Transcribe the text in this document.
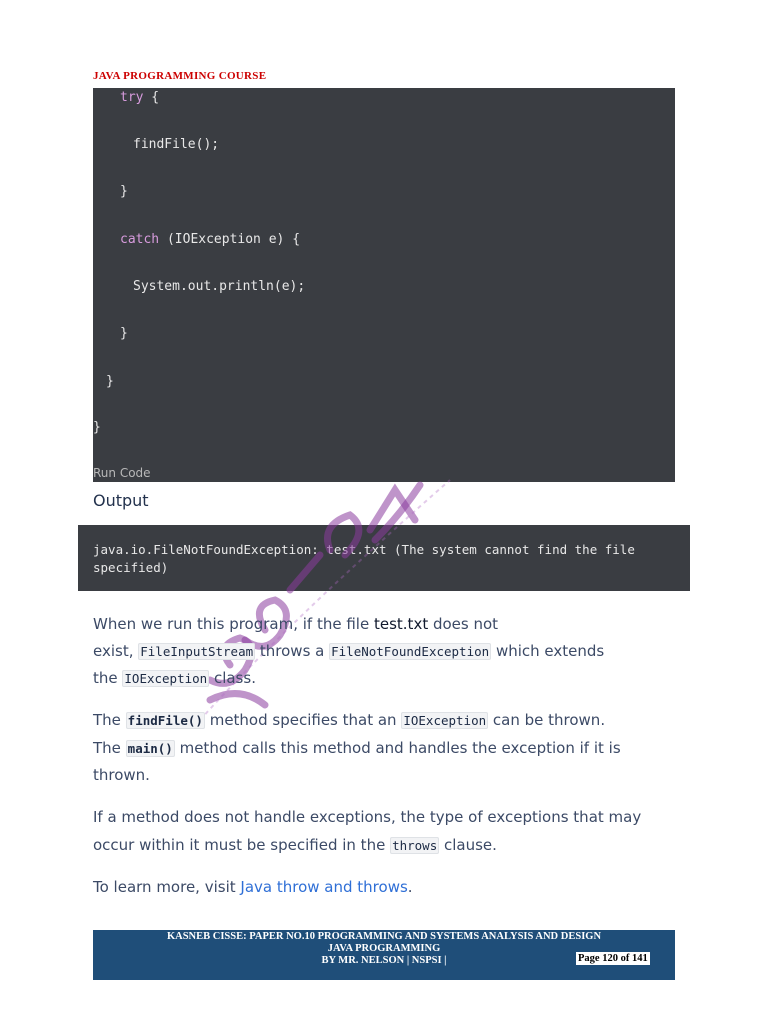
JAVA PROGRAMMING COURSE
try {
findFile();
}
catch (IOException e) {
System.out.println(e);
}
}
}
Run Code
Output
java.io.FileNotFoundException: test.txt (The system cannot find the file
specified)
When we run this program, if the file test.txt does not
exist, FileInputStream throws a FileNotFoundException which extends
the IOException class.
The findFile() method specifies that an IOException can be thrown.
The main() method calls this method and handles the exception if it is
thrown.
If a method does not handle exceptions, the type of exceptions that may
occur within it must be specified in the throws clause.
To learn more, visit Java throw and throws.
KASNEB CISSE: PAPER NO.10 PROGRAMMING AND SYSTEMS ANALYSIS AND DESIGN
JAVA PROGRAMMING
BY MR. NELSON | NSPSI |	Page 120 of 141
